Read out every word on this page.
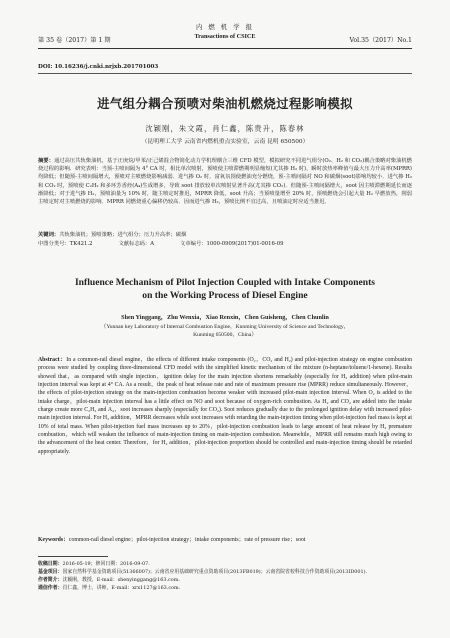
第 35 卷（2017）第 1 期
内 燃 机 学 报
Transactions of CSICE
Vol.35（2017）No.1
DOI: 10.16236/j.cnki.nrjxb.201701003
进气组分耦合预喷对柴油机燃烧过程影响模拟
沈颖刚，朱文霞，肖仁鑫，陈贵升，陈春林
（昆明理工大学 云南省内燃机重点实验室，云南 昆明 650500）
摘要：通过高压共轨柴油机，基于正庚烷/甲苯/正己烯混合物简化动力学机理耦合三维 CFD 模型，模拟研究不同进气组分(O₂、H₂ 和 CO₂)耦合策略对柴油机燃烧过程的影响．研究表明：当预-主喷间隔为 4° CA 时，相比单次喷射，预喷使主喷滞燃期明显缩短(尤其掺 H₂ 时)，瞬时放热率峰值与最大压力升高率(MPRR)均降低；但随预-主喷间隔增大，预喷对主喷燃烧影响减弱．进气掺 O₂ 时，富氧氛围使燃油充分燃烧，预-主喷间隔对 NO 和碳烟(soot)影响均较小．进气掺 H₂ 和 CO₂ 时，预喷使 C₂H₂ 和多环芳香烃(A₄)生成增多，导致 soot 排放较单次喷射显著升高(尤其掺 CO₂)．但随预-主喷间隔增大，soot 因主喷滞燃期延长而逐渐降低；对于进气掺 H₂，预喷油量为 10% 时，随主喷定时推迟，MPRR 降低，soot 升高；当预喷量增至 20% 时，预喷燃烧会引起大量 H₂ 早燃放热，削弱主喷定时对主喷燃烧的影响．MPRR 同燃烧重心偏移仍较高．因而进气掺 H₂，预喷比例不宜过高，且喷油定时应适当推迟．
关键词：共轨柴油机；预喷策略；进气组分；压力升高率；碳烟
中图分类号：TK421.2	文献标志码：A	文章编号：1000-0909(2017)01-0016-09
Influence Mechanism of Pilot Injection Coupled with Intake Components
on the Working Process of Diesel Engine
Shen Yinggang，Zhu Wenxia，Xiao Renxin，Chen Guisheng，Chen Chunlin
（Yunnan key Laboratory of Internal Combustion Engine，Kunming University of Science and Technology，
Kunming 650500，China）
Abstract：In a common-rail diesel engine，the effects of different intake components (O₂，CO₂ and H₂) and pilot-injection strategy on engine combustion process were studied by coupling three-dimensional CFD model with the simplified kinetic mechanism of the mixture (n-heptane/toluene/1-hexene). Results showed that，as compared with single injection，ignition delay for the main injection shortens remarkably (especially for H₂ addition) when pilot-main injection interval was kept at 4° CA. As a result，the peak of heat release rate and rate of maximum pressure rise (MPRR) reduce simultaneously. However，the effects of pilot-injection strategy on the main-injection combustion become weaker with increased pilot-main injection interval. When O₂ is added to the intake charge，pilot-main injection interval has a little effect on NO and soot because of oxygen-rich combustion. As H₂ and CO₂ are added into the intake charge create more C₂H₂ and A₄，soot increases sharply (especially for CO₂). Soot reduces gradually due to the prolonged ignition delay with increased pilot-main injection interval. For H₂ addition，MPRR decreases while soot increases with retarding the main-injection timing when pilot-injection fuel mass is kept at 10% of total mass. When pilot-injection fuel mass increases up to 20%，pilot-injection combustion leads to large amount of heat release by H₂ premature combustion，which will weaken the influence of main-injection timing on main-injection combustion. Meanwhile，MPRR still remains much high owing to the advancement of the heat center. Therefore，for H₂ addition，pilot-injection proportion should be controlled and main-injection timing should be retarded appropriately.
Keywords：common-rail diesel engine；pilot-injection strategy；intake components；rate of pressure rise；soot
收稿日期： 2016-05-19；修回日期：2016-09-07.
基金项目： 国家自然科学基金资助项目(51366007)；云南省应用基础研究重点资助项目(2013FB019)；云南省院省校科技合作资助项目(2013ID001).
作者简介： 沈颖刚，教授，E-mail：shenyinggang@163.com.
通信作者： 肖仁鑫，博士，讲师，E-mail：xrx1127@163.com.
